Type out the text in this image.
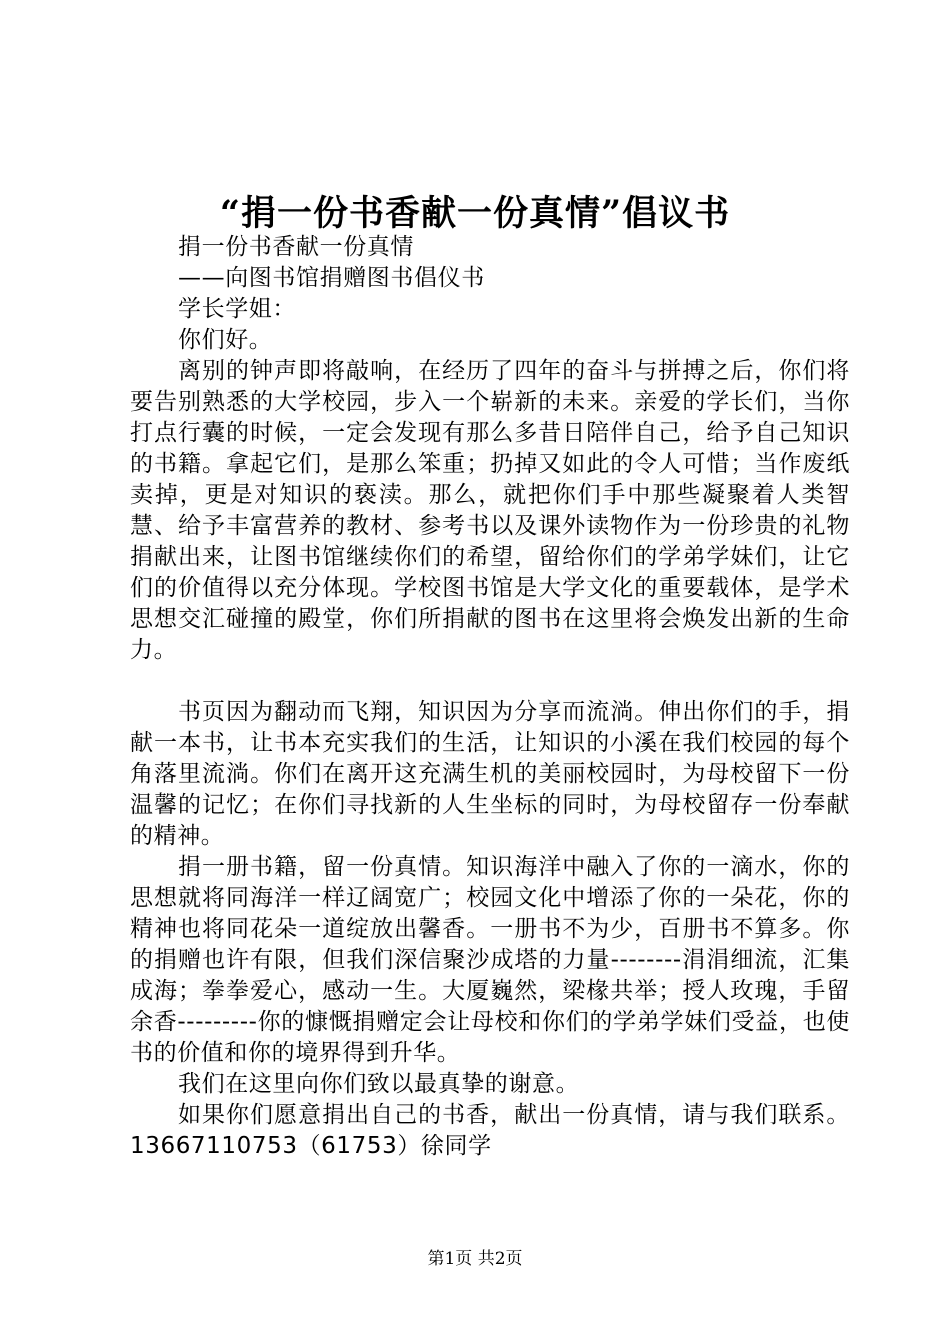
“捐一份书香献一份真情”倡议书

捐一份书香献一份真情

——向图书馆捐赠图书倡仪书

学长学姐：

你们好。

离别的钟声即将敲响，在经历了四年的奋斗与拼搏之后，你们将要告别熟悉的大学校园，步入一个崭新的未来。亲爱的学长们，当你打点行囊的时候，一定会发现有那么多昔日陪伴自己，给予自己知识的书籍。拿起它们，是那么笨重；扔掉又如此的令人可惜；当作废纸卖掉，更是对知识的亵渎。那么，就把你们手中那些凝聚着人类智慧、给予丰富营养的教材、参考书以及课外读物作为一份珍贵的礼物捐献出来，让图书馆继续你们的希望，留给你们的学弟学妹们，让它们的价值得以充分体现。学校图书馆是大学文化的重要载体，是学术思想交汇碰撞的殿堂，你们所捐献的图书在这里将会焕发出新的生命力。

书页因为翻动而飞翔，知识因为分享而流淌。伸出你们的手，捐献一本书，让书本充实我们的生活，让知识的小溪在我们校园的每个角落里流淌。你们在离开这充满生机的美丽校园时，为母校留下一份温馨的记忆；在你们寻找新的人生坐标的同时，为母校留存一份奉献的精神。

捐一册书籍，留一份真情。知识海洋中融入了你的一滴水，你的思想就将同海洋一样辽阔宽广；校园文化中增添了你的一朵花，你的精神也将同花朵一道绽放出馨香。一册书不为少，百册书不算多。你的捐赠也许有限，但我们深信聚沙成塔的力量--------涓涓细流，汇集成海；拳拳爱心，感动一生。大厦巍然，梁椽共举；授人玫瑰，手留余香---------你的慷慨捐赠定会让母校和你们的学弟学妹们受益，也使书的价值和你的境界得到升华。

我们在这里向你们致以最真挚的谢意。

如果你们愿意捐出自己的书香，献出一份真情，请与我们联系。13667110753（61753）徐同学

第1页 共2页
